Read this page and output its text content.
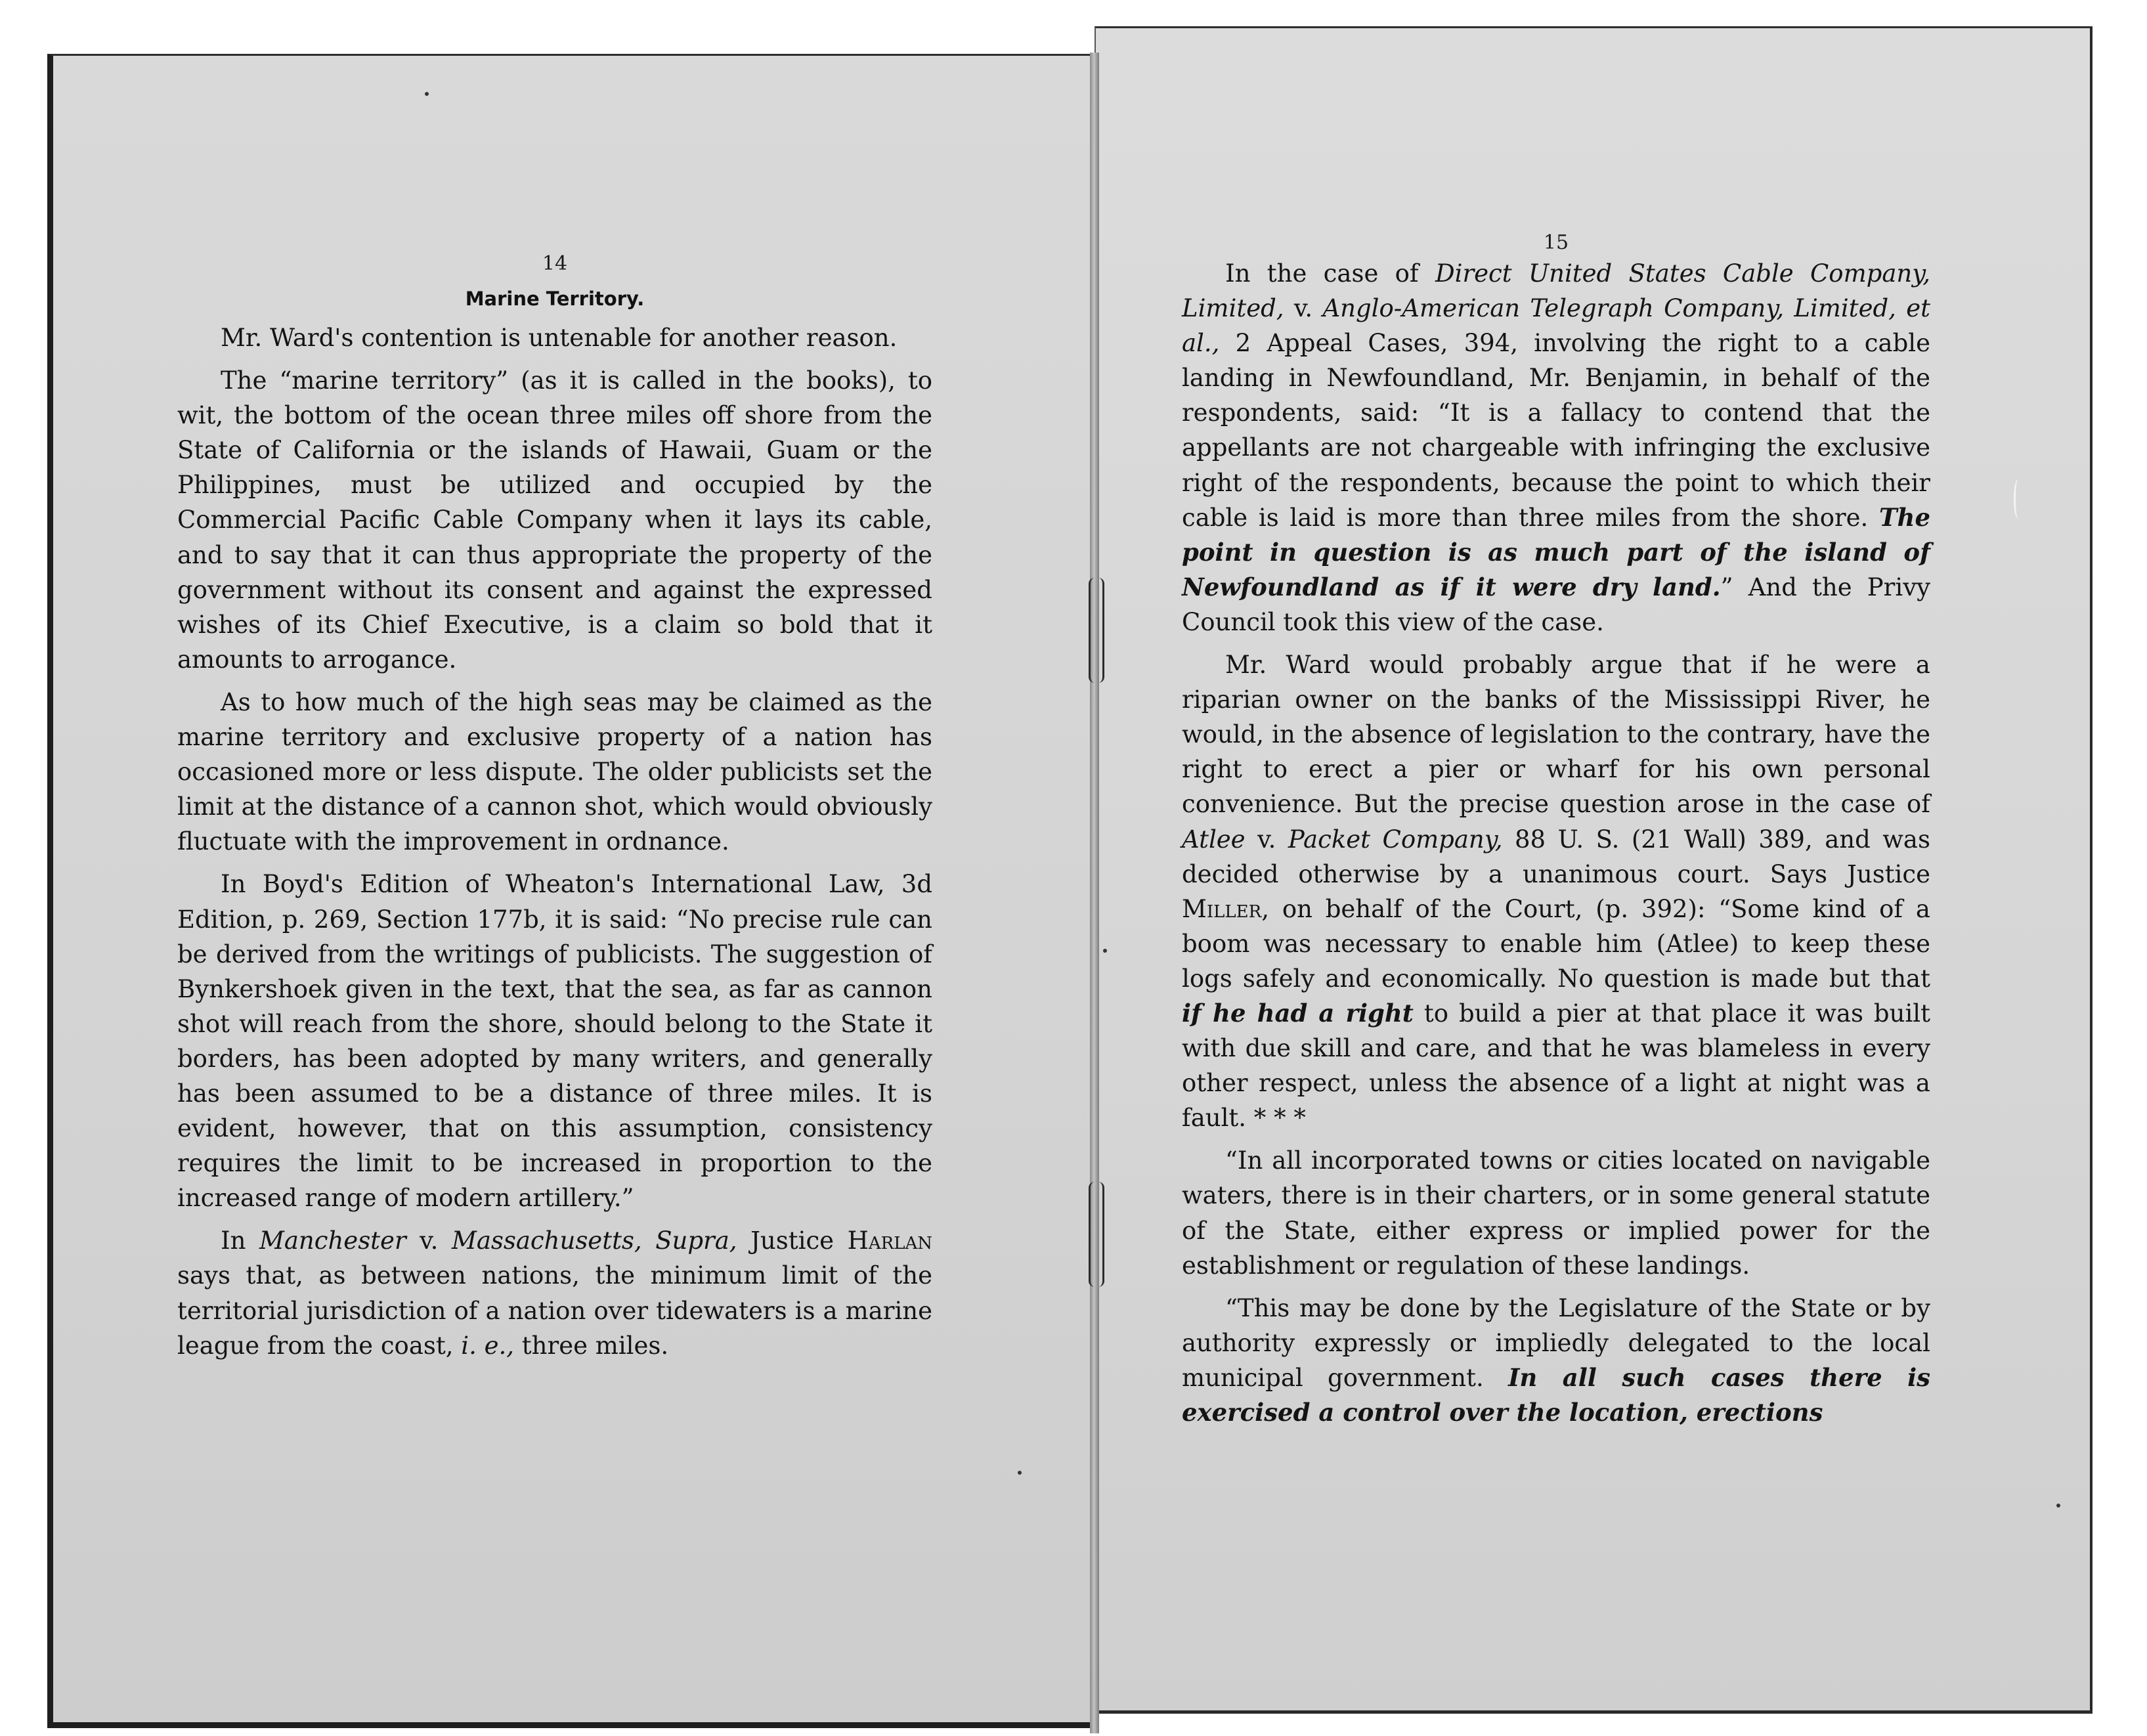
14

Marine Territory.

Mr. Ward's contention is untenable for another reason.

The “marine territory” (as it is called in the books), to wit, the bottom of the ocean three miles off shore from the State of California or the islands of Hawaii, Guam or the Philippines, must be utilized and occupied by the Commercial Pacific Cable Company when it lays its cable, and to say that it can thus appropriate the property of the government without its consent and against the expressed wishes of its Chief Executive, is a claim so bold that it amounts to arrogance.

As to how much of the high seas may be claimed as the marine territory and exclusive property of a nation has occasioned more or less dispute. The older publicists set the limit at the distance of a cannon shot, which would obviously fluctuate with the improvement in ordnance.

In Boyd's Edition of Wheaton's International Law, 3d Edition, p. 269, Section 177b, it is said: “No precise rule can be derived from the writings of publicists. The suggestion of Bynkershoek given in the text, that the sea, as far as cannon shot will reach from the shore, should belong to the State it borders, has been adopted by many writers, and generally has been assumed to be a distance of three miles. It is evident, however, that on this assumption, consistency requires the limit to be increased in proportion to the increased range of modern artillery.”

In Manchester v. Massachusetts, Supra, Justice Harlan says that, as between nations, the minimum limit of the territorial jurisdiction of a nation over tidewaters is a marine league from the coast, i. e., three miles.

15

In the case of Direct United States Cable Company, Limited, v. Anglo-American Telegraph Company, Limited, et al., 2 Appeal Cases, 394, involving the right to a cable landing in Newfoundland, Mr. Benjamin, in behalf of the respondents, said: “It is a fallacy to contend that the appellants are not chargeable with infringing the exclusive right of the respondents, because the point to which their cable is laid is more than three miles from the shore. The point in question is as much part of the island of Newfoundland as if it were dry land.” And the Privy Council took this view of the case.

Mr. Ward would probably argue that if he were a riparian owner on the banks of the Mississippi River, he would, in the absence of legislation to the contrary, have the right to erect a pier or wharf for his own personal convenience. But the precise question arose in the case of Atlee v. Packet Company, 88 U. S. (21 Wall) 389, and was decided otherwise by a unanimous court. Says Justice Miller, on behalf of the Court, (p. 392): “Some kind of a boom was necessary to enable him (Atlee) to keep these logs safely and economically. No question is made but that if he had a right to build a pier at that place it was built with due skill and care, and that he was blameless in every other respect, unless the absence of a light at night was a fault. * * *

“In all incorporated towns or cities located on navigable waters, there is in their charters, or in some general statute of the State, either express or implied power for the establishment or regulation of these landings.

“This may be done by the Legislature of the State or by authority expressly or impliedly delegated to the local municipal government. In all such cases there is exercised a control over the location, erections
